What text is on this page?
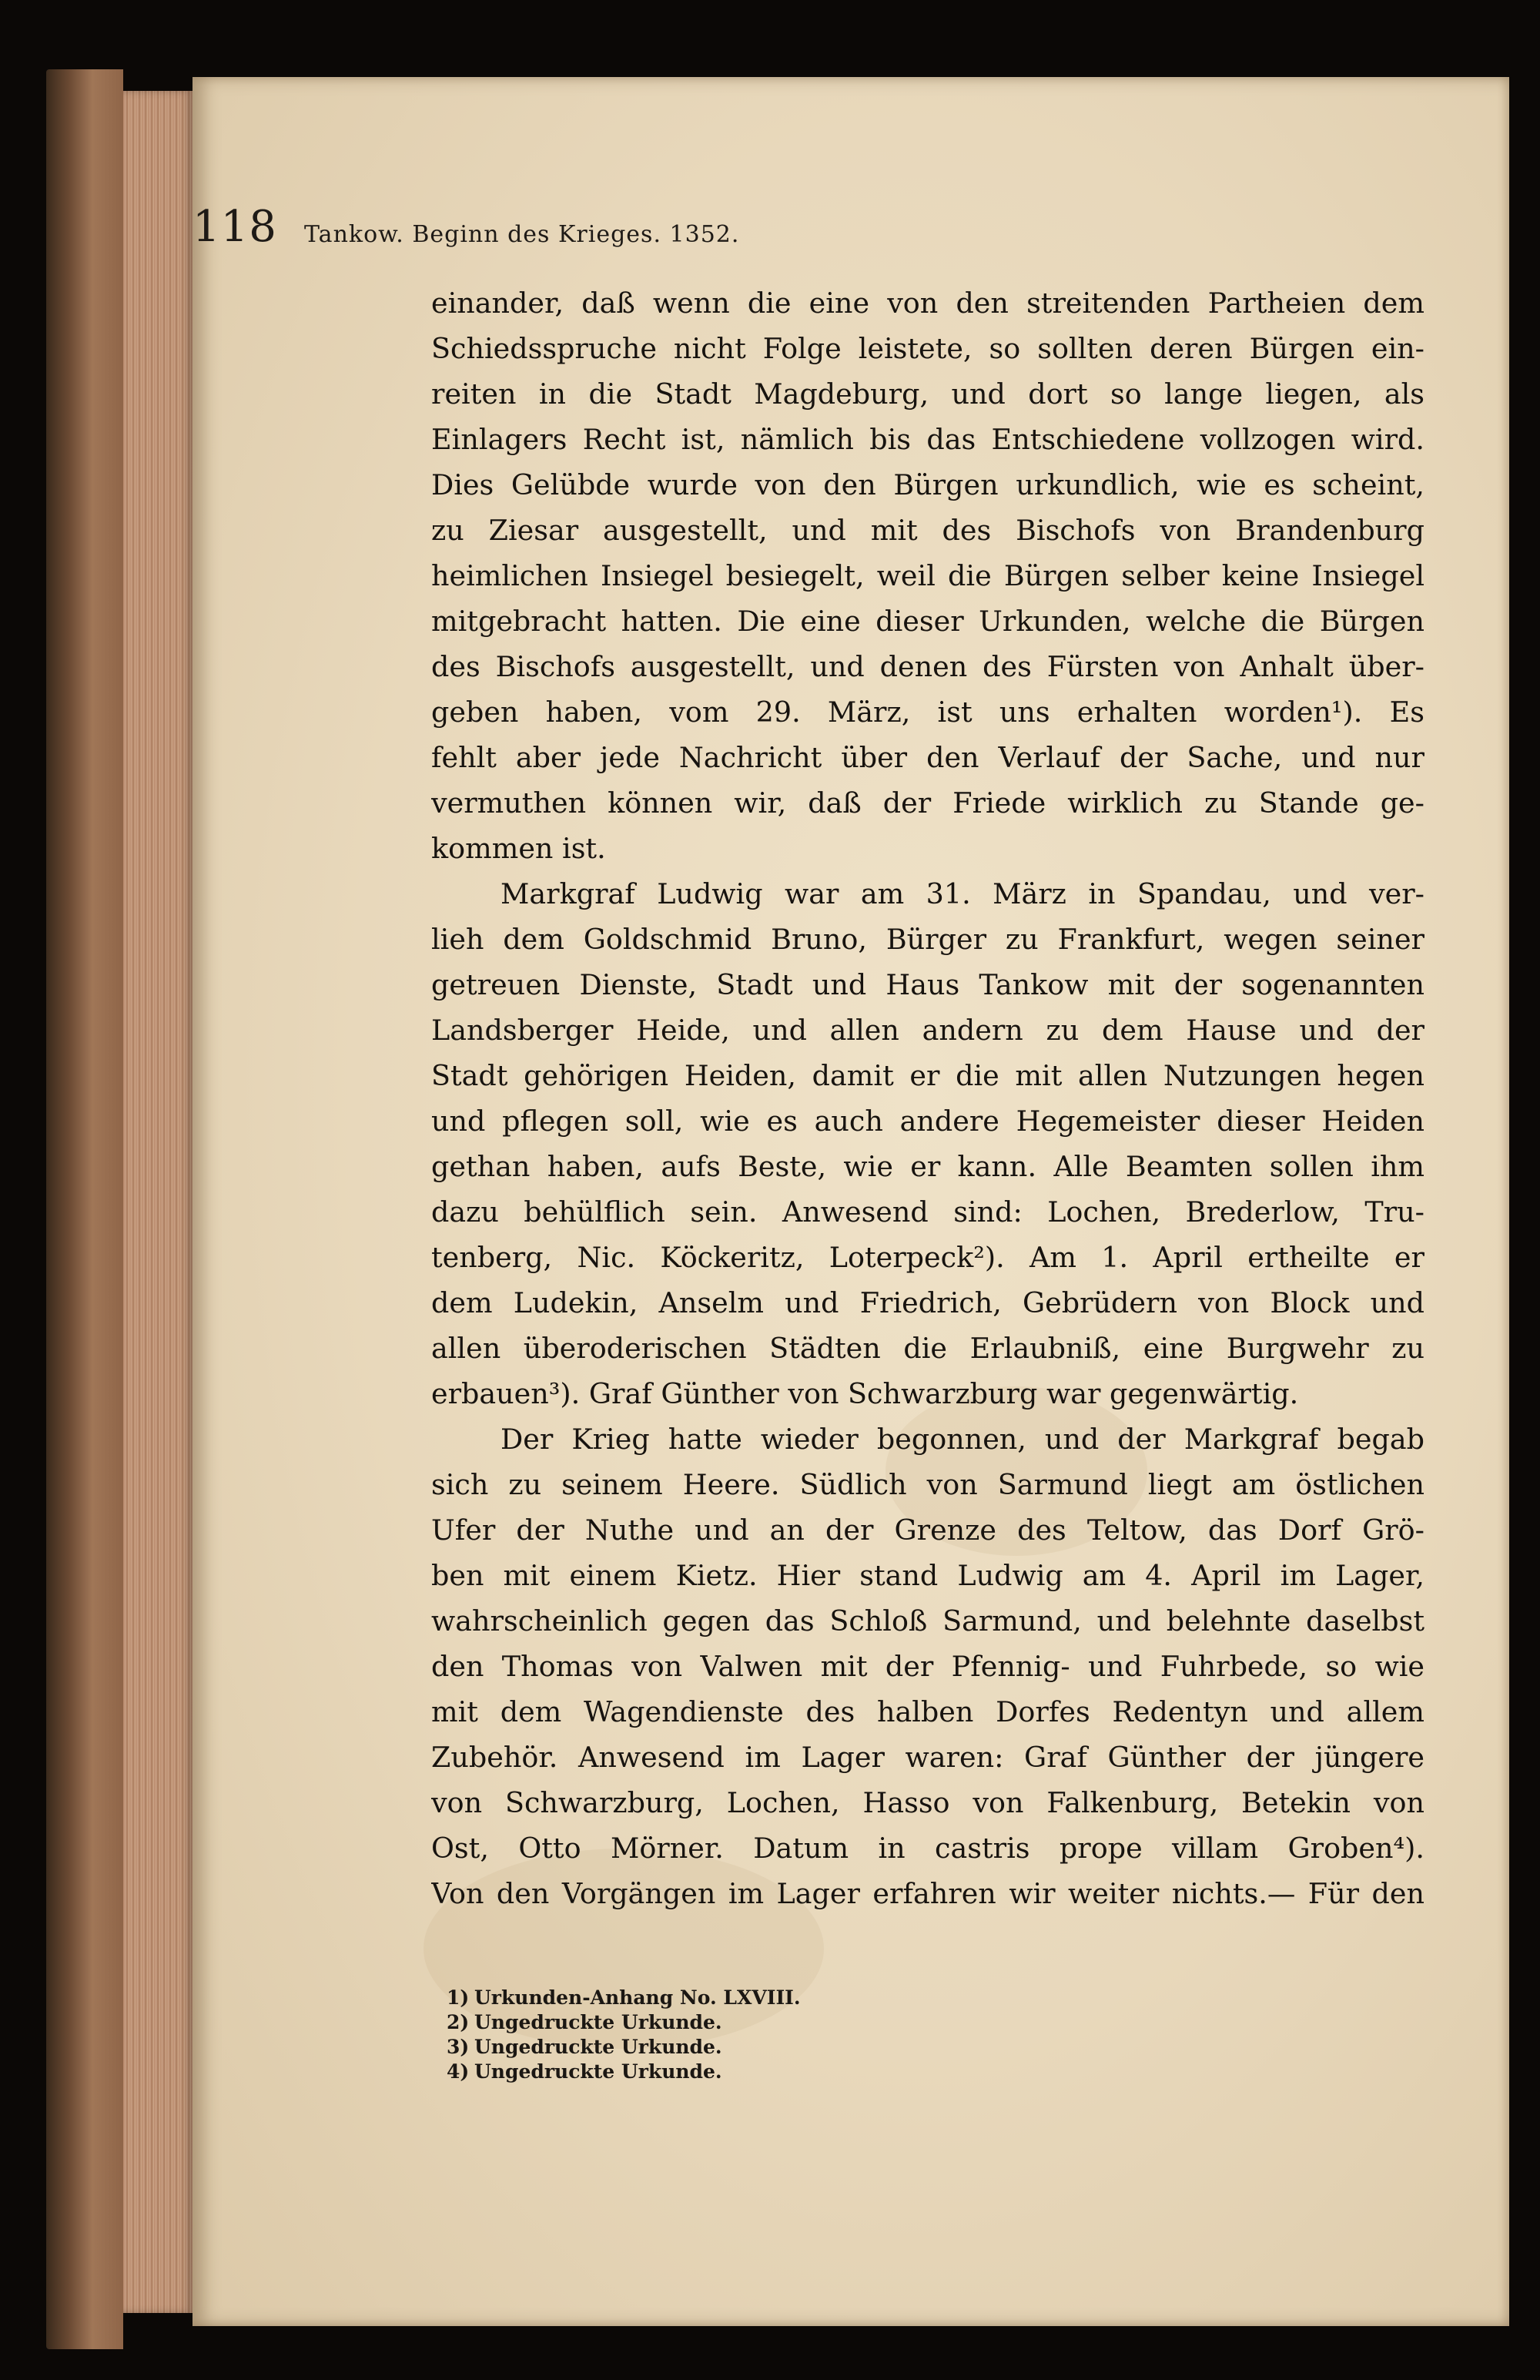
118 Tankow. Beginn des Krieges. 1352.
einander, daß wenn die eine von den streitenden Partheien dem
Schiedsspruche nicht Folge leistete, so sollten deren Bürgen ein-
reiten in die Stadt Magdeburg, und dort so lange liegen, als
Einlagers Recht ist, nämlich bis das Entschiedene vollzogen wird.
Dies Gelübde wurde von den Bürgen urkundlich, wie es scheint,
zu Ziesar ausgestellt, und mit des Bischofs von Brandenburg
heimlichen Insiegel besiegelt, weil die Bürgen selber keine Insiegel
mitgebracht hatten. Die eine dieser Urkunden, welche die Bürgen
des Bischofs ausgestellt, und denen des Fürsten von Anhalt über-
geben haben, vom 29. März, ist uns erhalten worden¹). Es
fehlt aber jede Nachricht über den Verlauf der Sache, und nur
vermuthen können wir, daß der Friede wirklich zu Stande ge-
kommen ist.
Markgraf Ludwig war am 31. März in Spandau, und ver-
lieh dem Goldschmid Bruno, Bürger zu Frankfurt, wegen seiner
getreuen Dienste, Stadt und Haus Tankow mit der sogenannten
Landsberger Heide, und allen andern zu dem Hause und der
Stadt gehörigen Heiden, damit er die mit allen Nutzungen hegen
und pflegen soll, wie es auch andere Hegemeister dieser Heiden
gethan haben, aufs Beste, wie er kann. Alle Beamten sollen ihm
dazu behülflich sein. Anwesend sind: Lochen, Brederlow, Tru-
tenberg, Nic. Köckeritz, Loterpeck²). Am 1. April ertheilte er
dem Ludekin, Anselm und Friedrich, Gebrüdern von Block und
allen überoderischen Städten die Erlaubniß, eine Burgwehr zu
erbauen³). Graf Günther von Schwarzburg war gegenwärtig.
Der Krieg hatte wieder begonnen, und der Markgraf begab
sich zu seinem Heere. Südlich von Sarmund liegt am östlichen
Ufer der Nuthe und an der Grenze des Teltow, das Dorf Grö-
ben mit einem Kietz. Hier stand Ludwig am 4. April im Lager,
wahrscheinlich gegen das Schloß Sarmund, und belehnte daselbst
den Thomas von Valwen mit der Pfennig- und Fuhrbede, so wie
mit dem Wagendienste des halben Dorfes Redentyn und allem
Zubehör. Anwesend im Lager waren: Graf Günther der jüngere
von Schwarzburg, Lochen, Hasso von Falkenburg, Betekin von
Ost, Otto Mörner. Datum in castris prope villam Groben⁴).
Von den Vorgängen im Lager erfahren wir weiter nichts.— Für den
1) Urkunden-Anhang No. LXVIII.
2) Ungedruckte Urkunde.
3) Ungedruckte Urkunde.
4) Ungedruckte Urkunde.
